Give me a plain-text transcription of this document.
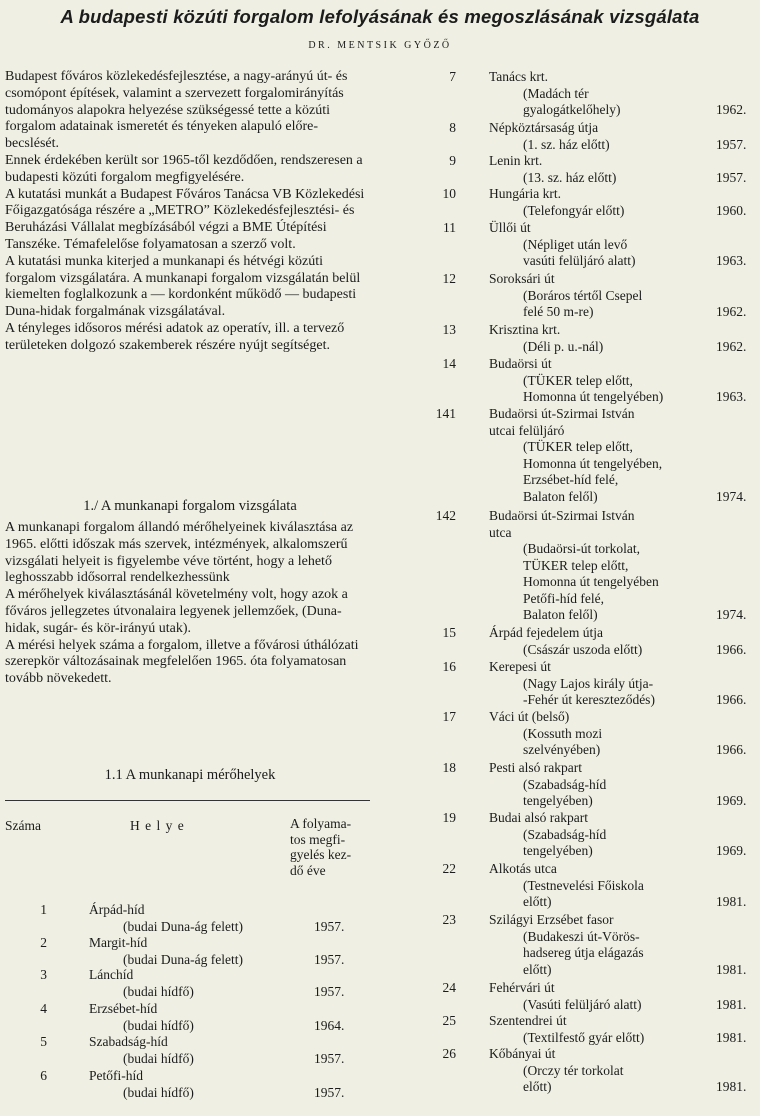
A budapesti közúti forgalom lefolyásának és megoszlásának vizsgálata
DR. MENTSIK GYŐZŐ

Budapest főváros közlekedésfejlesztése, a nagy-arányú út- és csomópont építések, valamint a szervezett forgalomirányítás tudományos alapokra helyezése szükségessé tette a közúti forgalom adatainak ismeretét és tényeken alapuló előre-becslését.

Ennek érdekében került sor 1965-től kezdődően, rendszeresen a budapesti közúti forgalom megfigyelésére.

A kutatási munkát a Budapest Főváros Tanácsa VB Közlekedési Főigazgatósága részére a „METRO” Közlekedésfejlesztési- és Beruházási Vállalat megbízásából végzi a BME Útépítési Tanszéke. Témafelelőse folyamatosan a szerző volt.

A kutatási munka kiterjed a munkanapi és hétvégi közúti forgalom vizsgálatára. A munkanapi forgalom vizsgálatán belül kiemelten foglalkozunk a — kordonként működő — budapesti Duna-hidak forgalmának vizsgálatával.

A tényleges idősoros mérési adatok az operatív, ill. a tervező területeken dolgozó szakemberek részére nyújt segítséget.

1./ A munkanapi forgalom vizsgálata

A munkanapi forgalom állandó mérőhelyeinek kiválasztása az 1965. előtti időszak más szervek, intézmények, alkalomszerű vizsgálati helyeit is figyelembe véve történt, hogy a lehető leghosszabb idősorral rendelkezhessünk

A mérőhelyek kiválasztásánál követelmény volt, hogy azok a főváros jellegzetes útvonalaira legyenek jellemzőek, (Duna-hidak, sugár- és kör-irányú utak).

A mérési helyek száma a forgalom, illetve a fővárosi úthálózati szerepkör változásainak megfelelően 1965. óta folyamatosan tovább növekedett.

1.1 A munkanapi mérőhelyek
Száma	H e l y e	A folyama-
tos megfi-
gyelés kez-
dő éve
1	Árpád-híd
(budai Duna-ág felett)	1957.
2	Margit-híd
(budai Duna-ág felett)	1957.
3	Lánchíd
(budai hídfő)	1957.
4	Erzsébet-híd
(budai hídfő)	1964.
5	Szabadság-híd
(budai hídfő)	1957.
6	Petőfi-híd
(budai hídfő)	1957.
7 Tanács krt.
(Madách tér
gyalogátkelőhely)	1962.
8 Népköztársaság útja
(1. sz. ház előtt)	1957.
9 Lenin krt.
(13. sz. ház előtt)	1957.
10 Hungária krt.
(Telefongyár előtt)	1960.
11 Üllői út
(Népliget után levő
vasúti felüljáró alatt)	1963.
12 Soroksári út
(Boráros tértől Csepel
felé 50 m-re)	1962.
13 Krisztina krt.
(Déli p. u.-nál)	1962.
14 Budaörsi út
(TÜKER telep előtt,
Homonna út tengelyében)	1963.
141 Budaörsi út-Szirmai István
utcai felüljáró
(TÜKER telep előtt,
Homonna út tengelyében,
Erzsébet-híd felé,
Balaton felől)	1974.
142 Budaörsi út-Szirmai István
utca
(Budaörsi-út torkolat,
TÜKER telep előtt,
Homonna út tengelyében
Petőfi-híd felé,
Balaton felől)	1974.
15 Árpád fejedelem útja
(Császár uszoda előtt)	1966.
16 Kerepesi út
(Nagy Lajos király útja-
-Fehér út kereszteződés)	1966.
17 Váci út (belső)
(Kossuth mozi
szelvényében)	1966.
18 Pesti alsó rakpart
(Szabadság-híd
tengelyében)	1969.
19 Budai alsó rakpart
(Szabadság-híd
tengelyében)	1969.
22 Alkotás utca
(Testnevelési Főiskola
előtt)	1981.
23 Szilágyi Erzsébet fasor
(Budakeszi út-Vörös-
hadsereg útja elágazás
előtt)	1981.
24 Fehérvári út
(Vasúti felüljáró alatt)	1981.
25 Szentendrei út
(Textilfestő gyár előtt)	1981.
26 Kőbányai út
(Orczy tér torkolat
előtt)	1981.
